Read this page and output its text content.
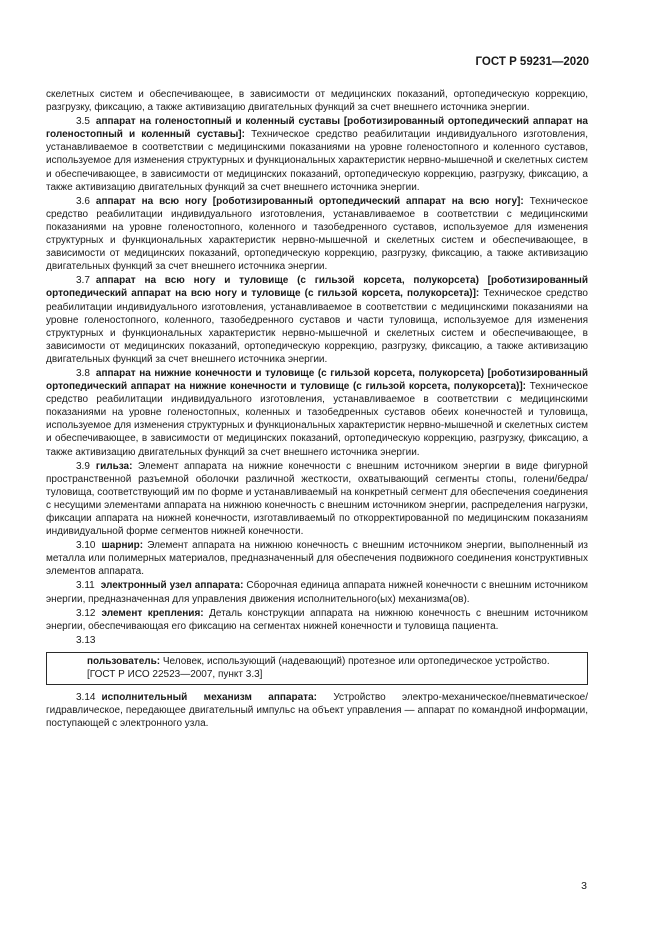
ГОСТ Р 59231—2020

скелетных систем и обеспечивающее, в зависимости от медицинских показаний, ортопедическую коррекцию, разгрузку, фиксацию, а также активизацию двигательных функций за счет внешнего источника энергии.

3.5 аппарат на голеностопный и коленный суставы [роботизированный ортопедический аппарат на голеностопный и коленный суставы]: Техническое средство реабилитации индивидуального изготовления, устанавливаемое в соответствии с медицинскими показаниями на уровне голеностопного и коленного суставов, используемое для изменения структурных и функциональных характеристик нервно-мышечной и скелетных систем и обеспечивающее, в зависимости от медицинских показаний, ортопедическую коррекцию, разгрузку, фиксацию, а также активизацию двигательных функций за счет внешнего источника энергии.

3.6 аппарат на всю ногу [роботизированный ортопедический аппарат на всю ногу]: Техническое средство реабилитации индивидуального изготовления, устанавливаемое в соответствии с медицинскими показаниями на уровне голеностопного, коленного и тазобедренного суставов, используемое для изменения структурных и функциональных характеристик нервно-мышечной и скелетных систем и обеспечивающее, в зависимости от медицинских показаний, ортопедическую коррекцию, разгрузку, фиксацию, а также активизацию двигательных функций за счет внешнего источника энергии.

3.7 аппарат на всю ногу и туловище (с гильзой корсета, полукорсета) [роботизированный ортопедический аппарат на всю ногу и туловище (с гильзой корсета, полукорсета)]: Техническое средство реабилитации индивидуального изготовления, устанавливаемое в соответствии с медицинскими показаниями на уровне голеностопного, коленного, тазобедренного суставов и части туловища, используемое для изменения структурных и функциональных характеристик нервно-мышечной и скелетных систем и обеспечивающее, в зависимости от медицинских показаний, ортопедическую коррекцию, разгрузку, фиксацию, а также активизацию двигательных функций за счет внешнего источника энергии.

3.8 аппарат на нижние конечности и туловище (с гильзой корсета, полукорсета) [роботизированный ортопедический аппарат на нижние конечности и туловище (с гильзой корсета, полукорсета)]: Техническое средство реабилитации индивидуального изготовления, устанавливаемое в соответствии с медицинскими показаниями на уровне голеностопных, коленных и тазобедренных суставов обеих конечностей и туловища, используемое для изменения структурных и функциональных характеристик нервно-мышечной и скелетных систем и обеспечивающее, в зависимости от медицинских показаний, ортопедическую коррекцию, разгрузку, фиксацию, а также активизацию двигательных функций за счет внешнего источника энергии.

3.9 гильза: Элемент аппарата на нижние конечности с внешним источником энергии в виде фигурной пространственной разъемной оболочки различной жесткости, охватывающий сегменты стопы, голени/бедра/туловища, соответствующий им по форме и устанавливаемый на конкретный сегмент для обеспечения соединения с несущими элементами аппарата на нижнюю конечность с внешним источником энергии, распределения нагрузки, фиксации аппарата на нижней конечности, изготавливаемый по откорректированной по медицинским показаниям индивидуальной форме сегментов нижней конечности.

3.10 шарнир: Элемент аппарата на нижнюю конечность с внешним источником энергии, выполненный из металла или полимерных материалов, предназначенный для обеспечения подвижного соединения конструктивных элементов аппарата.

3.11 электронный узел аппарата: Сборочная единица аппарата нижней конечности с внешним источником энергии, предназначенная для управления движения исполнительного(ых) механизма(ов).

3.12 элемент крепления: Деталь конструкции аппарата на нижнюю конечность с внешним источником энергии, обеспечивающая его фиксацию на сегментах нижней конечности и туловища пациента.

3.13

пользователь: Человек, использующий (надевающий) протезное или ортопедическое устройство.

[ГОСТ Р ИСО 22523—2007, пункт 3.3]

3.14 исполнительный механизм аппарата: Устройство электро-механическое/пневматическое/гидравлическое, передающее двигательный импульс на объект управления — аппарат по командной информации, поступающей с электронного узла.

3
